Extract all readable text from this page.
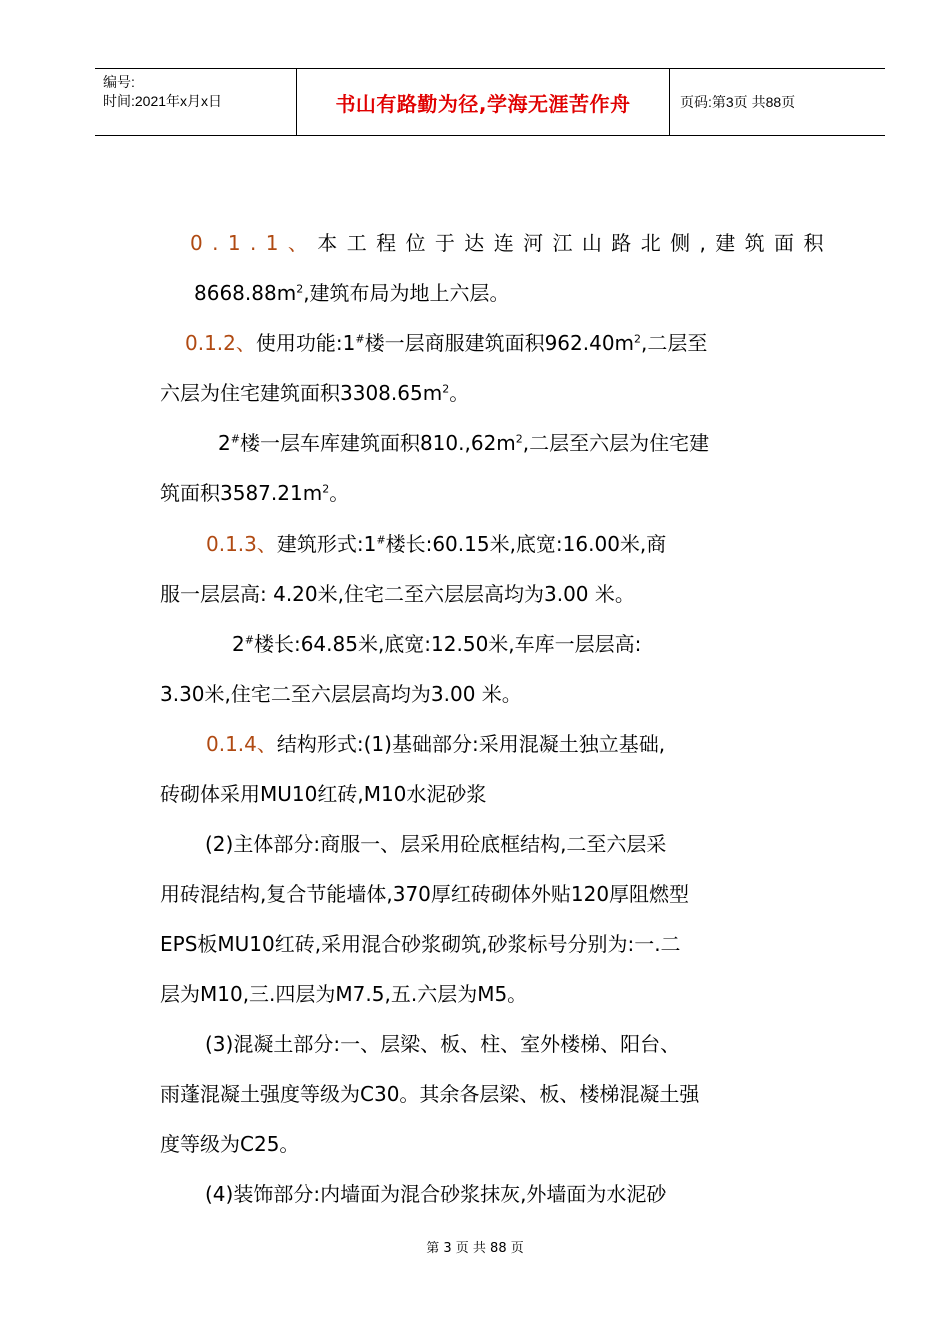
编号:
时间:2021年x月x日	书山有路勤为径,学海无涯苦作舟	页码:第3页 共88页
0.1.1、本工程位于达连河江山路北侧,建筑面积
$8668.88m^2$,建筑布局为地上六层。
0.1.2、使用功能:1#楼一层商服建筑面积$962.40m^2$,二层至
六层为住宅建筑面积$3308.65m^2$。
2#楼一层车库建筑面积$810.,62m^2$,二层至六层为住宅建
筑面积$3587.21m^2$。
0.1.3、建筑形式:1#楼长:60.15米,底宽:16.00米,商
服一层层高: 4.20米,住宅二至六层层高均为3.00 米。
2#楼长:64.85米,底宽:12.50米,车库一层层高:
3.30米,住宅二至六层层高均为3.00 米。
0.1.4、结构形式:(1)基础部分:采用混凝土独立基础,
砖砌体采用MU10红砖,M10水泥砂浆
(2)主体部分:商服一、层采用砼底框结构,二至六层采
用砖混结构,复合节能墙体,370厚红砖砌体外贴120厚阻燃型
EPS板MU10红砖,采用混合砂浆砌筑,砂浆标号分别为:一.二
层为M10,三.四层为M7.5,五.六层为M5。
(3)混凝土部分:一、层梁、板、柱、室外楼梯、阳台、
雨蓬混凝土强度等级为C30。其余各层梁、板、楼梯混凝土强
度等级为C25。
(4)装饰部分:内墙面为混合砂浆抹灰,外墙面为水泥砂
第 3 页 共 88 页
